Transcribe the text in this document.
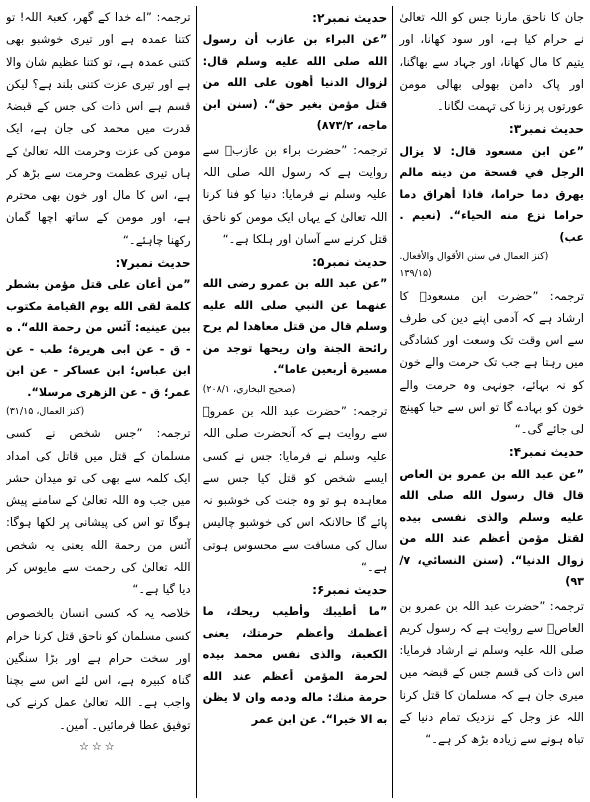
جان کا ناحق مارنا جس کو اللہ تعالیٰ نے حرام کیا ہے، اور سود کھانا، اور یتیم کا مال کھانا، اور جہاد سے بھاگنا، اور پاک دامن بھولی بھالی مومن عورتوں پر زنا کی تہمت لگانا۔

حدیث نمبر۳:

”عن ابن مسعود قال: لا يزال الرجل في فسحة من دينه مالم يهرق دما حراما، فاذا أهراق دما حراما نزع منه الحياء“. (نعيم . عب)

(کنز العمال في سنن الأقوال والأفعال.

(۱۳۹/۱۵

ترجمہ: ”حضرت ابن مسعودؓ کا ارشاد ہے کہ آدمی اپنے دین کی طرف سے اس وقت تک وسعت اور کشادگی میں رہتا ہے جب تک حرمت والے خون کو نہ بہائے، جونہی وہ حرمت والے خون کو بہادے گا تو اس سے حیا کھینچ لی جائے گی۔“

حدیث نمبر۴:

”عن عبد الله بن عمرو بن العاص قال قال رسول الله صلى الله عليه وسلم والذى نفسى بيده لقتل مؤمن أعظم عند الله من زوال الدنيا“. (سنن النسائي، ۷/ ۹۳)

ترجمہ: ”حضرت عبد اللہ بن عمرو بن العاصؓ سے روایت ہے کہ رسول کریم صلی اللہ علیہ وسلم نے ارشاد فرمایا: اس ذات کی قسم جس کے قبضہ میں میری جان ہے کہ مسلمان کا قتل کرنا اللہ عز وجل کے نزدیک تمام دنیا کے تباہ ہونے سے زیادہ بڑھ کر ہے۔“

حدیث نمبر۲:

”عن البراء بن عازب أن رسول الله صلى الله عليه وسلم قال: لزوال الدنيا أهون على الله من قتل مؤمن بغير حق“. (سنن ابن ماجه، ۸۷۳/۲)

ترجمہ: ”حضرت براء بن عازبؓ سے روایت ہے کہ رسول اللہ صلی اللہ علیہ وسلم نے فرمایا: دنیا کو فنا کرنا اللہ تعالیٰ کے یہاں ایک مومن کو ناحق قتل کرنے سے آسان اور ہلکا ہے۔“

حدیث نمبر۵:

”عن عبد الله بن عمرو رضى الله عنهما عن النبي صلى الله عليه وسلم قال من قتل معاهدا لم يرح رائحة الجنة وان ريحها توجد من مسيرة أربعين عاما“.

(صحيح البخاري، ۲۰۸/۱)

ترجمہ: ”حضرت عبد اللہ بن عمروؓ سے روایت ہے کہ آنحضرت صلی اللہ علیہ وسلم نے فرمایا: جس نے کسی ایسے شخص کو قتل کیا جس سے معاہدہ ہو تو وہ جنت کی خوشبو نہ پائے گا حالانکہ اس کی خوشبو چالیس سال کی مسافت سے محسوس ہوتی ہے۔“

حدیث نمبر۶:

”ما أطيبك وأطيب ريحك، ما أعظمك وأعظم حرمتك، يعنى الكعبة، والذى نفس محمد بيده لحرمة المؤمن أعظم عند الله حرمة منك: ماله ودمه وان لا يظن به الا خيرا“. عن ابن عمر

ترجمہ: ”اے خدا کے گھر، کعبۃ اللہ! تو کتنا عمدہ ہے اور تیری خوشبو بھی کتنی عمدہ ہے، تو کتنا عظیم شان والا ہے اور تیری عزت کتنی بلند ہے؟ لیکن قسم ہے اس ذات کی جس کے قبضۂ قدرت میں محمد کی جان ہے، ایک مومن کی عزت وحرمت اللہ تعالیٰ کے ہاں تیری عظمت وحرمت سے بڑھ کر ہے، اس کا مال اور خون بھی محترم ہے، اور مومن کے ساتھ اچھا گمان رکھنا چاہئے۔“

حدیث نمبر۷:

”من أعان على قتل مؤمن بشطر كلمة لقى الله يوم القيامة مكتوب بين عينيه: آئس من رحمة الله“. ه - ق - عن ابى هريرة؛ طب - عن ابن عباس؛ ابن عساكر - عن ابن عمر؛ ق - عن الزهرى مرسلا“.

(کنز العمال، ۳۱/۱۵)

ترجمہ: ”جس شخص نے کسی مسلمان کے قتل میں قاتل کی امداد ایک کلمہ سے بھی کی تو میدان حشر میں جب وہ اللہ تعالیٰ کے سامنے پیش ہوگا تو اس کی پیشانی پر لکھا ہوگا: آئس من رحمة الله یعنی یہ شخص اللہ تعالیٰ کی رحمت سے مایوس کر دیا گیا ہے۔“

خلاصہ یہ کہ کسی انسان بالخصوص کسی مسلمان کو ناحق قتل کرنا حرام اور سخت حرام ہے اور بڑا سنگین گناہ کبیرہ ہے، اس لئے اس سے بچنا واجب ہے۔ اللہ تعالیٰ عمل کرنے کی توفیق عطا فرمائیں۔ آمین۔

☆☆☆
